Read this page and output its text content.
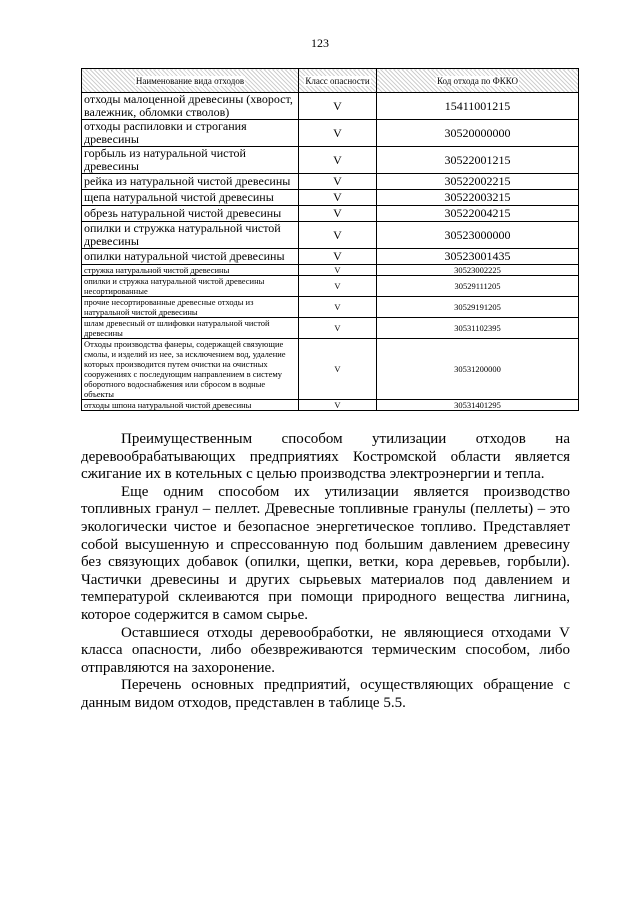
123
Наименование вида отходов	Класс опасности	Код отхода по ФККО
отходы малоценной древесины (хворост, валежник, обломки стволов)	V	15411001215
отходы распиловки и строгания древесины	V	30520000000
горбыль из натуральной чистой древесины	V	30522001215
рейка из натуральной чистой древесины	V	30522002215
щепа натуральной чистой древесины	V	30522003215
обрезь натуральной чистой древесины	V	30522004215
опилки и стружка натуральной чистой древесины	V	30523000000
опилки натуральной чистой древесины	V	30523001435
стружка натуральной чистой древесины	V	30523002225
опилки и стружка натуральной чистой древесины несортированные	V	30529111205
прочие несортированные древесные отходы из натуральной чистой древесины	V	30529191205
шлам древесный от шлифовки натуральной чистой древесины	V	30531102395
Отходы производства фанеры, содержащей связующие смолы, и изделий из нее, за исключением вод, удаление которых производится путем очистки на очистных сооружениях с последующим направлением в систему оборотного водоснабжения или сбросом в водные объекты	V	30531200000
отходы шпона натуральной чистой древесины	V	30531401295

Преимущественным способом утилизации отходов на деревообрабатывающих предприятиях Костромской области является сжигание их в котельных с целью производства электроэнергии и тепла.

Еще одним способом их утилизации является производство топливных гранул – пеллет. Древесные топливные гранулы (пеллеты) – это экологически чистое и безопасное энергетическое топливо. Представляет собой высушенную и спрессованную под большим давлением древесину без связующих добавок (опилки, щепки, ветки, кора деревьев, горбыли). Частички древесины и других сырьевых материалов под давлением и температурой склеиваются при помощи природного вещества лигнина, которое содержится в самом сырье.

Оставшиеся отходы деревообработки, не являющиеся отходами V класса опасности, либо обезвреживаются термическим способом, либо отправляются на захоронение.

Перечень основных предприятий, осуществляющих обращение с данным видом отходов, представлен в таблице 5.5.
